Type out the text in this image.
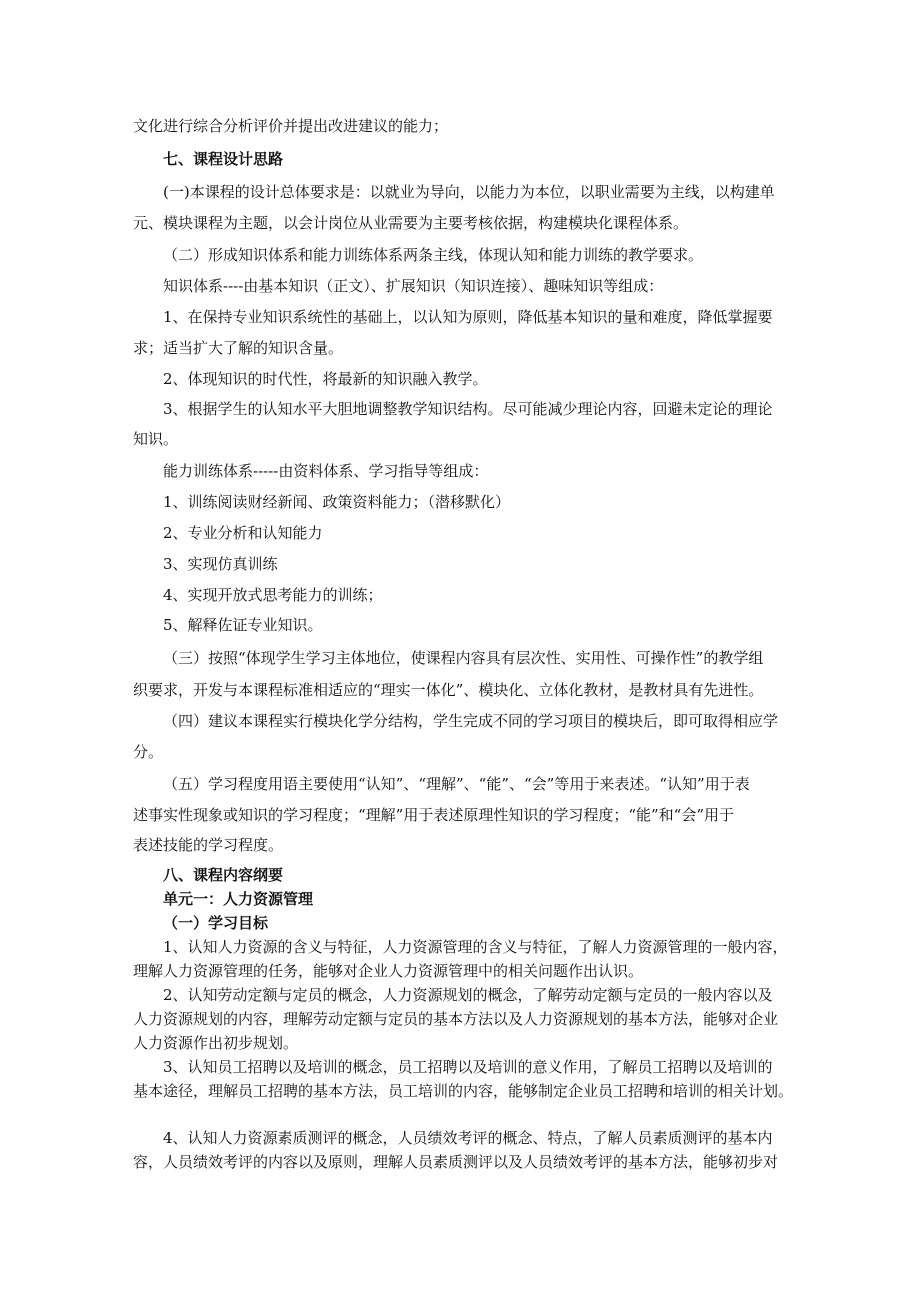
文化进行综合分析评价并提出改进建议的能力；

七、课程设计思路

(一)本课程的设计总体要求是：以就业为导向，以能力为本位，以职业需要为主线，以构建单

元、模块课程为主题，以会计岗位从业需要为主要考核依据，构建模块化课程体系。

（二）形成知识体系和能力训练体系两条主线，体现认知和能力训练的教学要求。

知识体系----由基本知识（正文）、扩展知识（知识连接）、趣味知识等组成：

1、在保持专业知识系统性的基础上，以认知为原则，降低基本知识的量和难度，降低掌握要

求；适当扩大了解的知识含量。

2、体现知识的时代性，将最新的知识融入教学。

3、根据学生的认知水平大胆地调整教学知识结构。尽可能减少理论内容，回避未定论的理论

知识。

能力训练体系-----由资料体系、学习指导等组成：

1、训练阅读财经新闻、政策资料能力；（潜移默化）

2、专业分析和认知能力

3、实现仿真训练

4、实现开放式思考能力的训练；

5、解释佐证专业知识。

（三）按照“体现学生学习主体地位，使课程内容具有层次性、实用性、可操作性”的教学组

织要求，开发与本课程标准相适应的“理实一体化”、模块化、立体化教材，是教材具有先进性。

（四）建议本课程实行模块化学分结构，学生完成不同的学习项目的模块后，即可取得相应学

分。

（五）学习程度用语主要使用“认知”、“理解”、“能”、“会”等用于来表述。“认知”用于表

述事实性现象或知识的学习程度；“理解”用于表述原理性知识的学习程度；“能”和“会”用于

表述技能的学习程度。

八、课程内容纲要

单元一：人力资源管理

（一）学习目标

1、认知人力资源的含义与特征，人力资源管理的含义与特征，了解人力资源管理的一般内容，

理解人力资源管理的任务，能够对企业人力资源管理中的相关问题作出认识。

2、认知劳动定额与定员的概念，人力资源规划的概念，了解劳动定额与定员的一般内容以及

人力资源规划的内容，理解劳动定额与定员的基本方法以及人力资源规划的基本方法，能够对企业

人力资源作出初步规划。

3、认知员工招聘以及培训的概念，员工招聘以及培训的意义作用，了解员工招聘以及培训的

基本途径，理解员工招聘的基本方法，员工培训的内容，能够制定企业员工招聘和培训的相关计划。

4、认知人力资源素质测评的概念，人员绩效考评的概念、特点，了解人员素质测评的基本内

容，人员绩效考评的内容以及原则，理解人员素质测评以及人员绩效考评的基本方法，能够初步对
